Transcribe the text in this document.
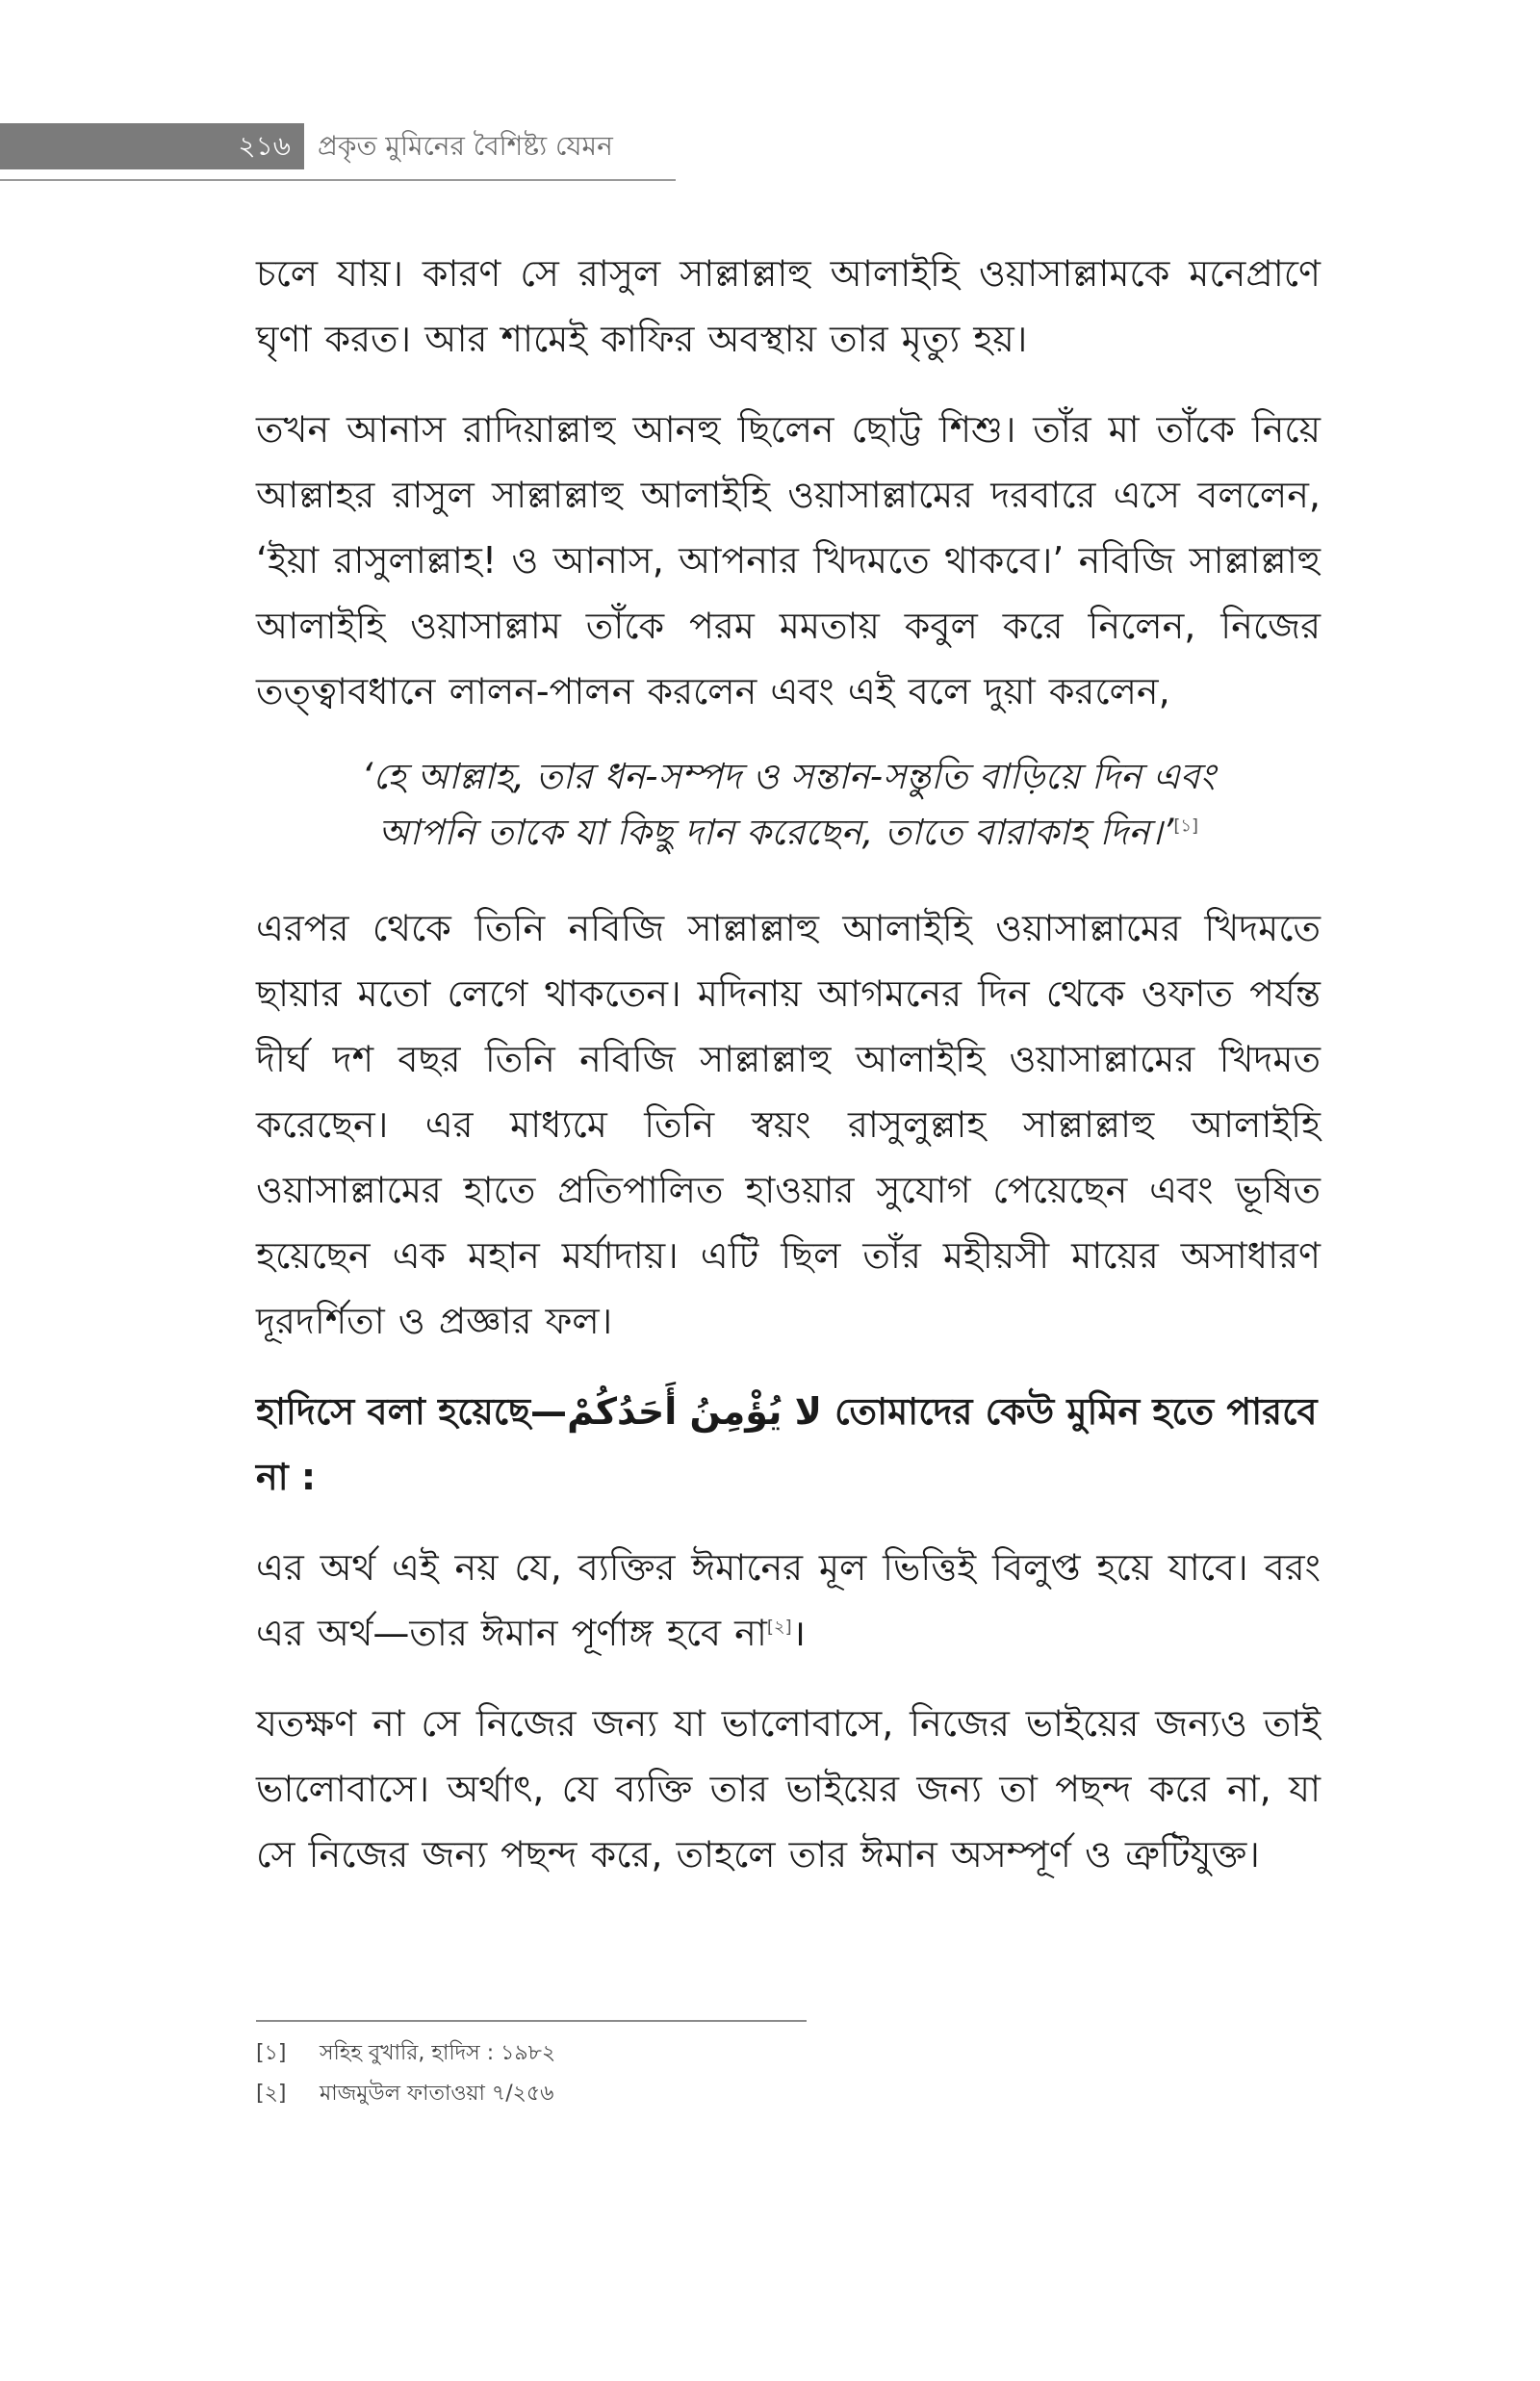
২১৬	প্রকৃত মুমিনের বৈশিষ্ট্য যেমন

চলে যায়। কারণ সে রাসুল সাল্লাল্লাহু আলাইহি ওয়াসাল্লামকে মনেপ্রাণে ঘৃণা করত। আর শামেই কাফির অবস্থায় তার মৃত্যু হয়।

তখন আনাস রাদিয়াল্লাহু আনহু ছিলেন ছোট্ট শিশু। তাঁর মা তাঁকে নিয়ে আল্লাহর রাসুল সাল্লাল্লাহু আলাইহি ওয়াসাল্লামের দরবারে এসে বললেন, ‘ইয়া রাসুলাল্লাহ! ও আনাস, আপনার খিদমতে থাকবে।’ নবিজি সাল্লাল্লাহু আলাইহি ওয়াসাল্লাম তাঁকে পরম মমতায় কবুল করে নিলেন, নিজের তত্ত্বাবধানে লালন-পালন করলেন এবং এই বলে দুয়া করলেন,

‘হে আল্লাহ, তার ধন-সম্পদ ও সন্তান-সন্তুতি বাড়িয়ে দিন এবং
আপনি তাকে যা কিছু দান করেছেন, তাতে বারাকাহ দিন।’[১]

এরপর থেকে তিনি নবিজি সাল্লাল্লাহু আলাইহি ওয়াসাল্লামের খিদমতে ছায়ার মতো লেগে থাকতেন। মদিনায় আগমনের দিন থেকে ওফাত পর্যন্ত দীর্ঘ দশ বছর তিনি নবিজি সাল্লাল্লাহু আলাইহি ওয়াসাল্লামের খিদমত করেছেন। এর মাধ্যমে তিনি স্বয়ং রাসুলুল্লাহ সাল্লাল্লাহু আলাইহি ওয়াসাল্লামের হাতে প্রতিপালিত হাওয়ার সুযোগ পেয়েছেন এবং ভূষিত হয়েছেন এক মহান মর্যাদায়। এটি ছিল তাঁর মহীয়সী মায়ের অসাধারণ দূরদর্শিতা ও প্রজ্ঞার ফল।

হাদিসে বলা হয়েছে—لا يُؤْمِنُ أَحَدُكُمْ তোমাদের কেউ মুমিন হতে পারবে না :

এর অর্থ এই নয় যে, ব্যক্তির ঈমানের মূল ভিত্তিই বিলুপ্ত হয়ে যাবে। বরং এর অর্থ—তার ঈমান পূর্ণাঙ্গ হবে না[২]।

যতক্ষণ না সে নিজের জন্য যা ভালোবাসে, নিজের ভাইয়ের জন্যও তাই ভালোবাসে। অর্থাৎ, যে ব্যক্তি তার ভাইয়ের জন্য তা পছন্দ করে না, যা সে নিজের জন্য পছন্দ করে, তাহলে তার ঈমান অসম্পূর্ণ ও ত্রুটিযুক্ত।

[১]	সহিহ বুখারি, হাদিস : ১৯৮২
[২]	মাজমুউল ফাতাওয়া ৭/২৫৬
